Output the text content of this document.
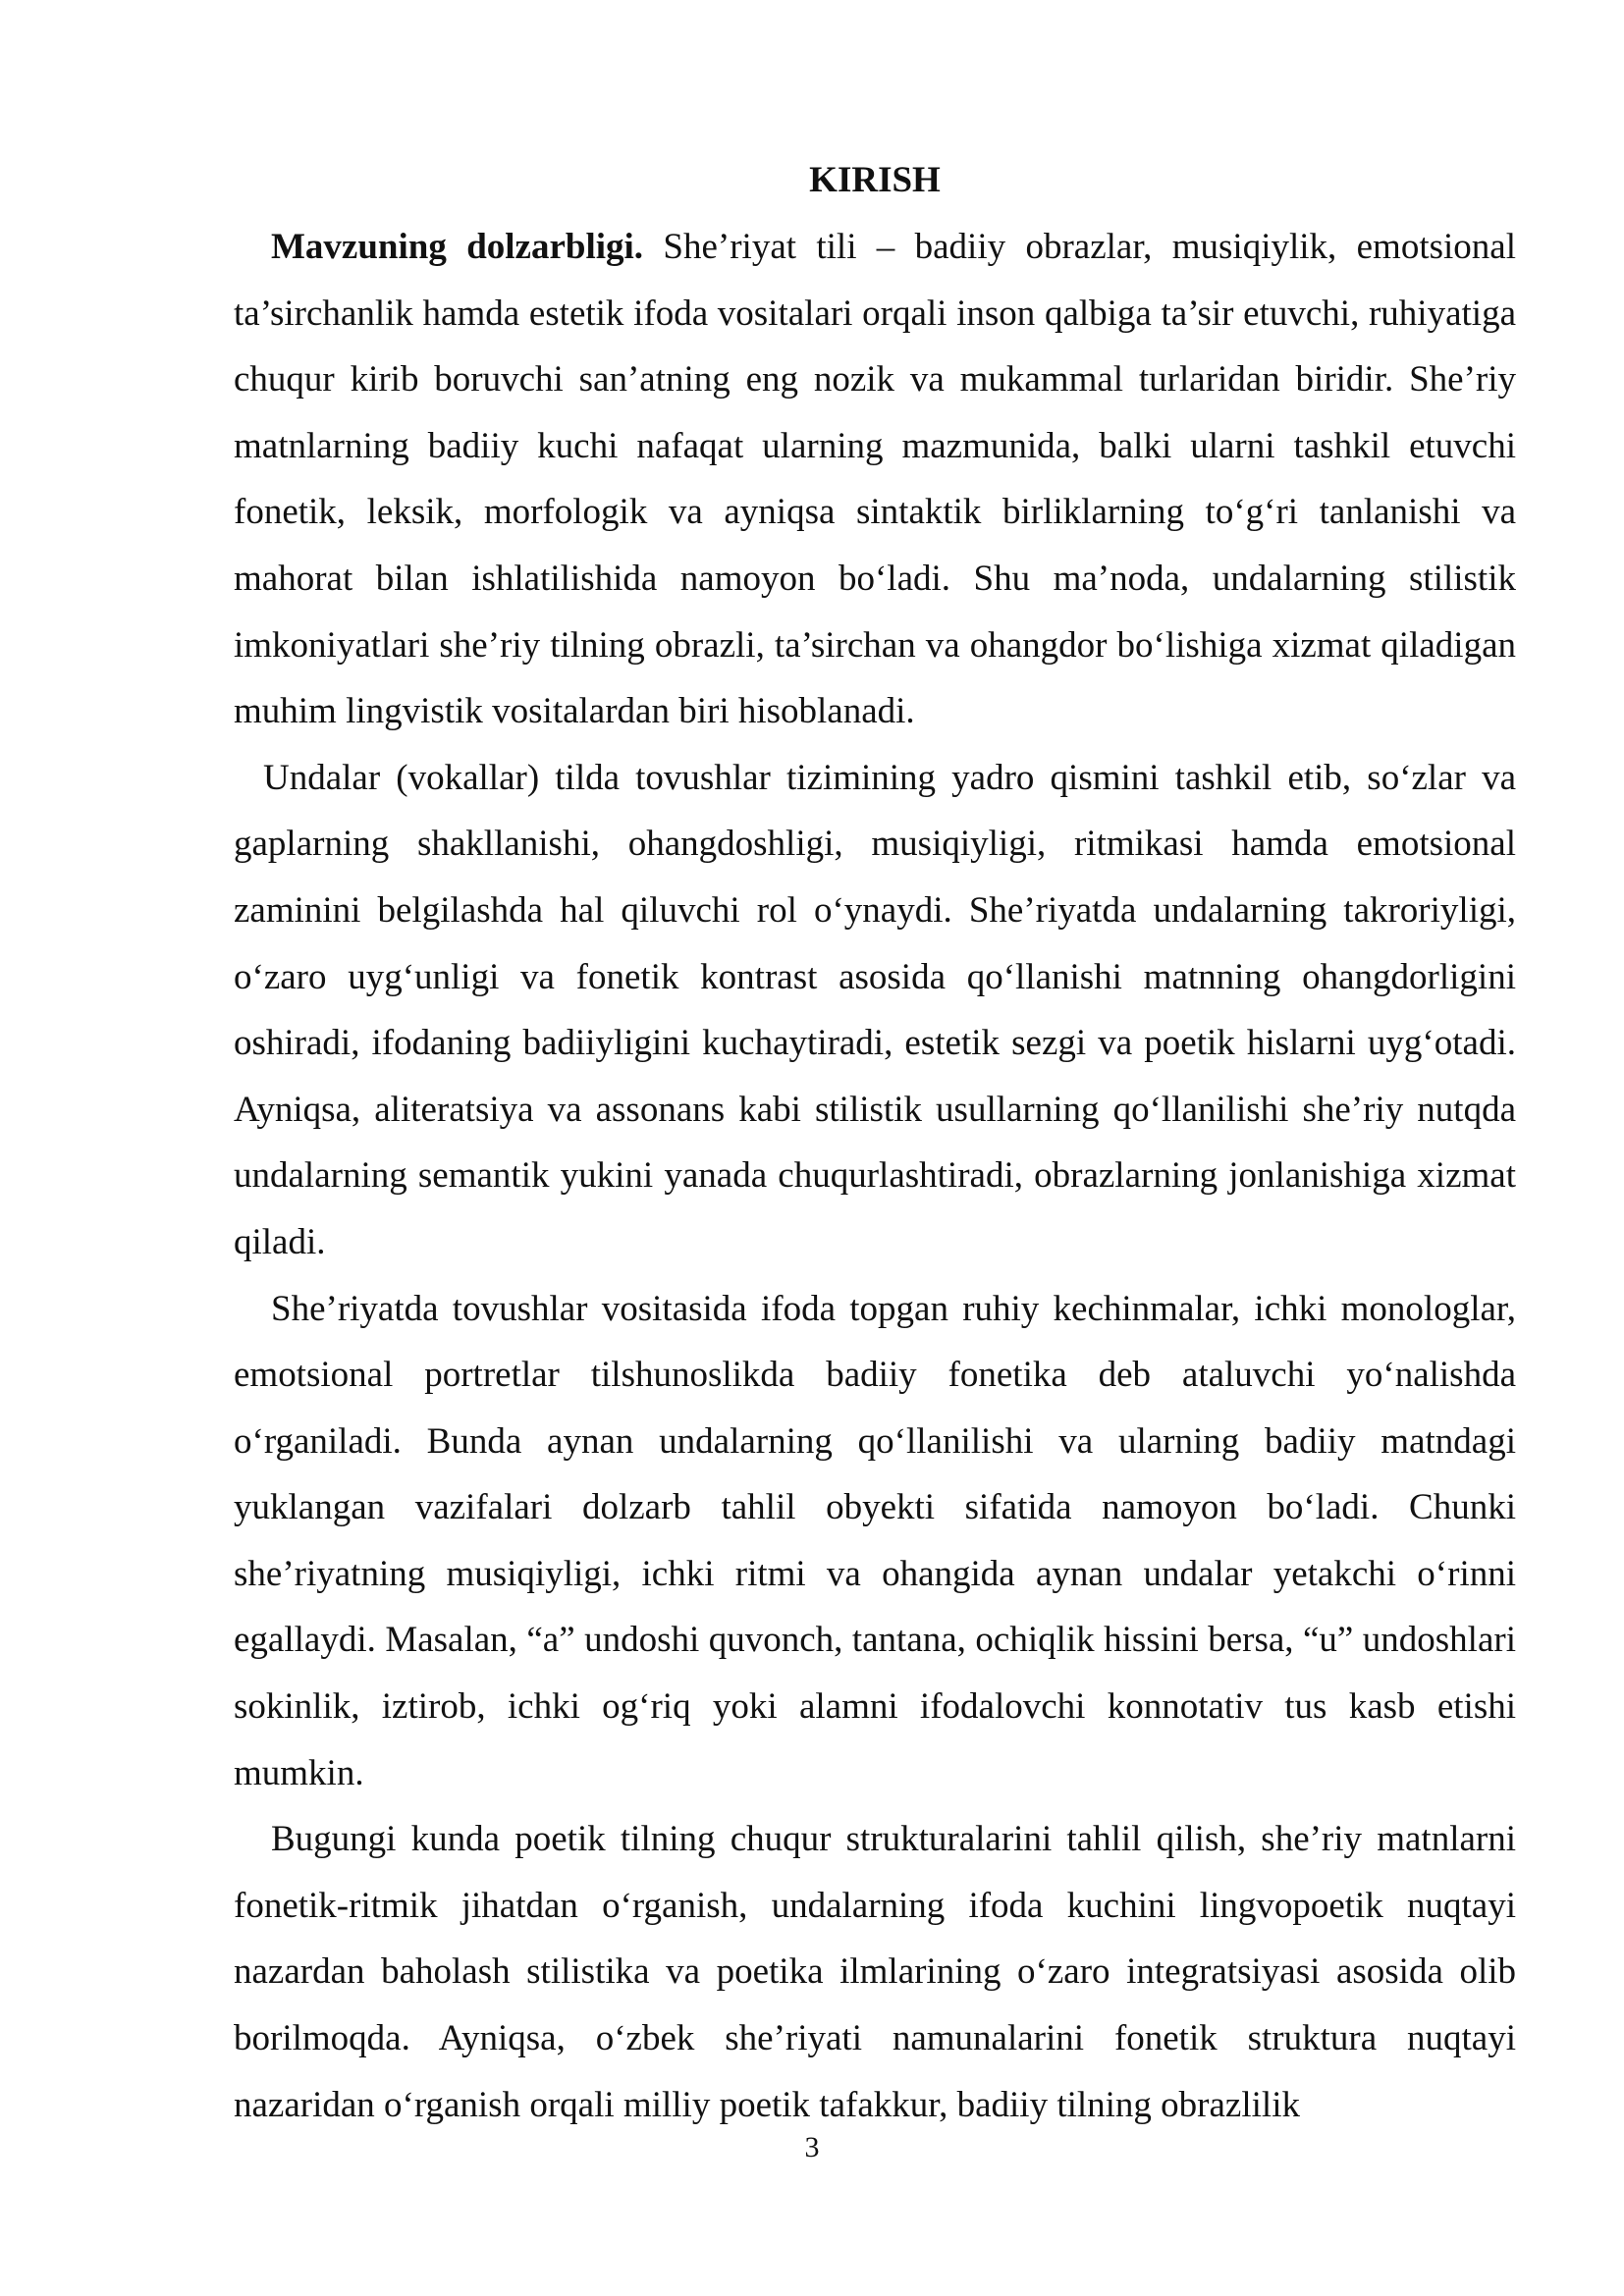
KIRISH

Mavzuning dolzarbligi. She’riyat tili – badiiy obrazlar, musiqiylik, emotsional ta’sirchanlik hamda estetik ifoda vositalari orqali inson qalbiga ta’sir etuvchi, ruhiyatiga chuqur kirib boruvchi san’atning eng nozik va mukammal turlaridan biridir. She’riy matnlarning badiiy kuchi nafaqat ularning mazmunida, balki ularni tashkil etuvchi fonetik, leksik, morfologik va ayniqsa sintaktik birliklarning to‘g‘ri tanlanishi va mahorat bilan ishlatilishida namoyon bo‘ladi. Shu ma’noda, undalarning stilistik imkoniyatlari she’riy tilning obrazli, ta’sirchan va ohangdor bo‘lishiga xizmat qiladigan muhim lingvistik vositalardan biri hisoblanadi.

Undalar (vokallar) tilda tovushlar tizimining yadro qismini tashkil etib, so‘zlar va gaplarning shakllanishi, ohangdoshligi, musiqiyligi, ritmikasi hamda emotsional zaminini belgilashda hal qiluvchi rol o‘ynaydi. She’riyatda undalarning takroriyligi, o‘zaro uyg‘unligi va fonetik kontrast asosida qo‘llanishi matnning ohangdorligini oshiradi, ifodaning badiiyligini kuchaytiradi, estetik sezgi va poetik hislarni uyg‘otadi. Ayniqsa, aliteratsiya va assonans kabi stilistik usullarning qo‘llanilishi she’riy nutqda undalarning semantik yukini yanada chuqurlashtiradi, obrazlarning jonlanishiga xizmat qiladi.

She’riyatda tovushlar vositasida ifoda topgan ruhiy kechinmalar, ichki monologlar, emotsional portretlar tilshunoslikda badiiy fonetika deb ataluvchi yo‘nalishda o‘rganiladi. Bunda aynan undalarning qo‘llanilishi va ularning badiiy matndagi yuklangan vazifalari dolzarb tahlil obyekti sifatida namoyon bo‘ladi. Chunki she’riyatning musiqiyligi, ichki ritmi va ohangida aynan undalar yetakchi o‘rinni egallaydi. Masalan, “a” undoshi quvonch, tantana, ochiqlik hissini bersa, “u” undoshlari sokinlik, iztirob, ichki og‘riq yoki alamni ifodalovchi konnotativ tus kasb etishi mumkin.

Bugungi kunda poetik tilning chuqur strukturalarini tahlil qilish, she’riy matnlarni fonetik-ritmik jihatdan o‘rganish, undalarning ifoda kuchini lingvopoetik nuqtayi nazardan baholash stilistika va poetika ilmlarining o‘zaro integratsiyasi asosida olib borilmoqda. Ayniqsa, o‘zbek she’riyati namunalarini fonetik struktura nuqtayi nazaridan o‘rganish orqali milliy poetik tafakkur, badiiy tilning obrazlilik

3
